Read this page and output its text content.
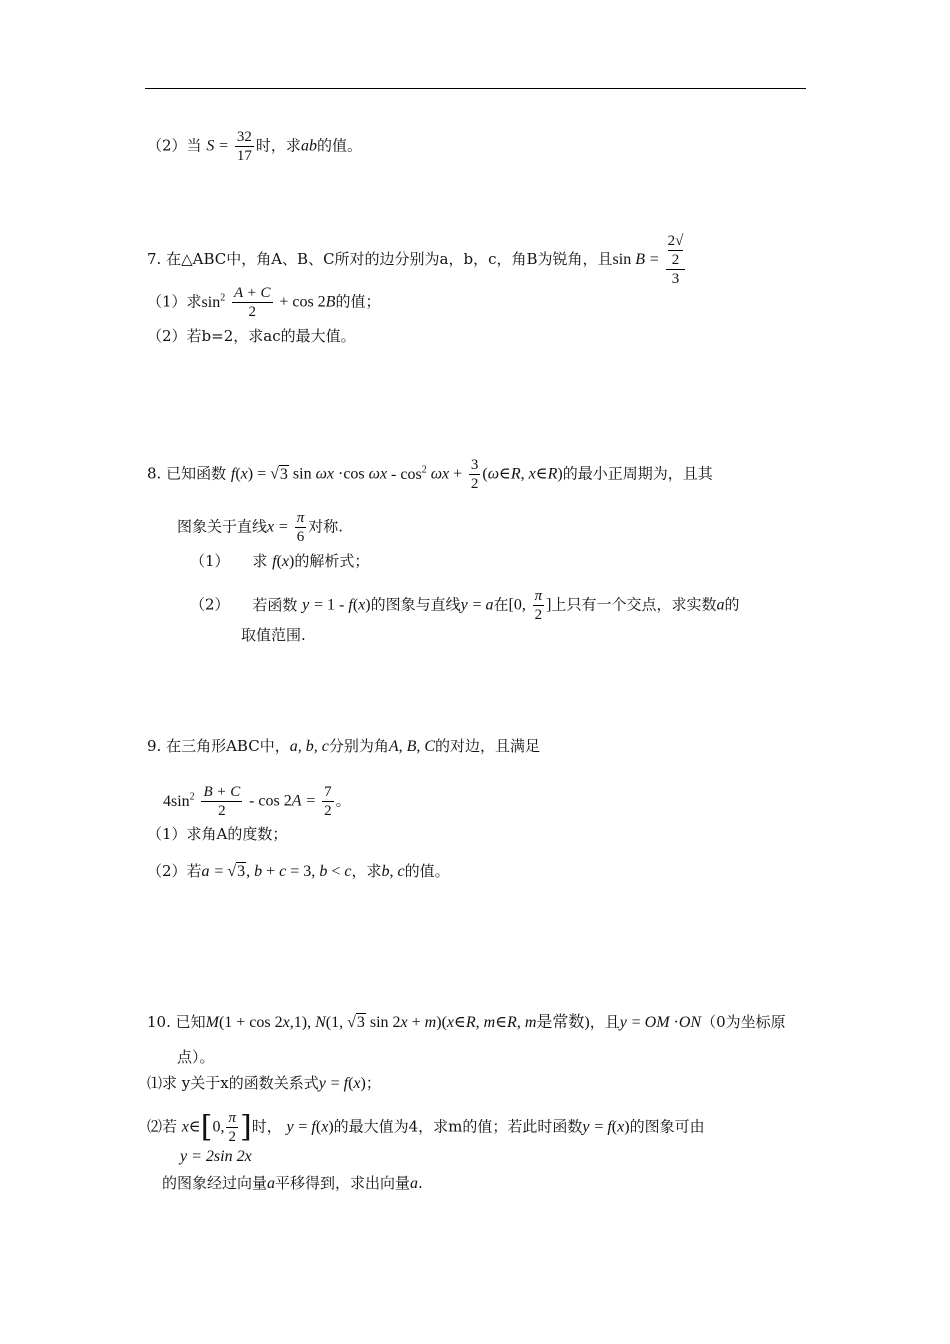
（2）当 $S = \frac{32}{17}$ 时，求ab的值。
7. 在△ABC中，角A、B、C所对的边分别为a，b，c，角B为锐角，且sin B = 2√
2
3
（1）求$\sin^2 \frac{A + C}{2} + \cos 2B$的值；
（2）若b=2，求ac的最大值。
8. 已知函数 f(x) = √3 sin ωx ·cos $\omega x - \cos^2 \omega x + \frac{3}{2}$ (ω∈R, x∈R)的最小正周期为，且其
图象关于直线$x = \frac{\pi}{6}$ 对称.
（1） 求 f(x)的解析式；
（2） 若函数 y = 1 - f(x)的图象与直线y = a在[0, $\frac{\pi}{2}$ ]上只有一个交点，求实数a的
取值范围.
9. 在三角形ABC中，a, b, c分别为角A, B, C的对边，且满足
$4\sin^2 \frac{B + C}{2} - \cos 2A = \frac{7}{2}$ 。
（1）求角A的度数；
（2）若a = √3, b + c = 3, b < c，求b, c的值。
10. 已知M(1 + cos 2x,1), N(1, √3 sin 2x + m)(x∈R, m∈R, m是常数)，且y = OM ·ON（0为坐标原
点）。
⑴求 y关于x的函数关系式y = f(x)；
⑵若 x∈[0, $\frac{\pi}{2}$ ]时， y = f(x)的最大值为4，求m的值；若此时函数y = f(x)的图象可由
y = 2sin 2x
的图象经过向量a平移得到，求出向量a.
